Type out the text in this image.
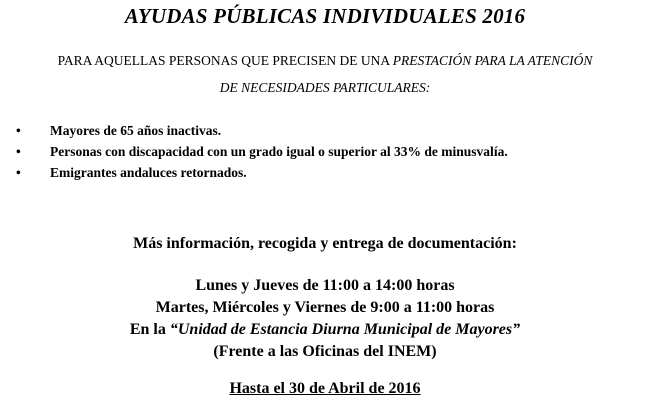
AYUDAS PÚBLICAS INDIVIDUALES 2016
PARA AQUELLAS PERSONAS QUE PRECISEN DE UNA PRESTACIÓN PARA LA ATENCIÓN
DE NECESIDADES PARTICULARES:
• Mayores de 65 años inactivas.
• Personas con discapacidad con un grado igual o superior al 33% de minusvalía.
• Emigrantes andaluces retornados.
Más información, recogida y entrega de documentación:
Lunes y Jueves de 11:00 a 14:00 horas
Martes, Miércoles y Viernes de 9:00 a 11:00 horas
En la “Unidad de Estancia Diurna Municipal de Mayores”
(Frente a las Oficinas del INEM)
Hasta el 30 de Abril de 2016
